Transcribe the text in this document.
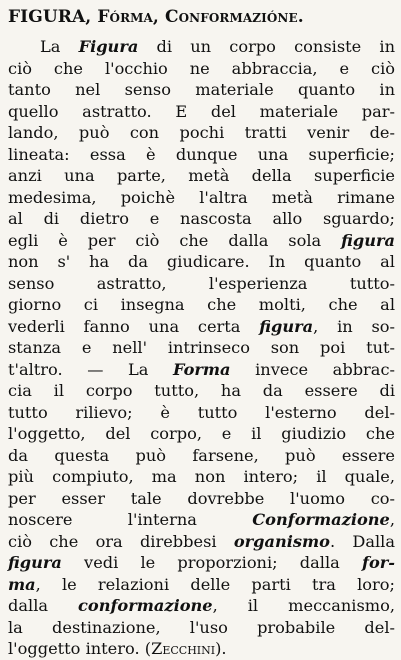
FIGURA, Fórma, Conformazióne.
La Figura di un corpo consiste in
ciò che l'occhio ne abbraccia, e ciò
tanto nel senso materiale quanto in
quello astratto. E del materiale par-
lando, può con pochi tratti venir de-
lineata: essa è dunque una superficie;
anzi una parte, metà della superficie
medesima, poichè l'altra metà rimane
al di dietro e nascosta allo sguardo;
egli è per ciò che dalla sola figura
non s' ha da giudicare. In quanto al
senso astratto, l'esperienza tutto-
giorno ci insegna che molti, che al
vederli fanno una certa figura, in so-
stanza e nell' intrinseco son poi tut-
t'altro. — La Forma invece abbrac-
cia il corpo tutto, ha da essere di
tutto rilievo; è tutto l'esterno del-
l'oggetto, del corpo, e il giudizio che
da questa può farsene, può essere
più compiuto, ma non intero; il quale,
per esser tale dovrebbe l'uomo co-
noscere l'interna Conformazione,
ciò che ora direbbesi organismo. Dalla
figura vedi le proporzioni; dalla for-
ma, le relazioni delle parti tra loro;
dalla conformazione, il meccanismo,
la destinazione, l'uso probabile del-
l'oggetto intero. (Zecchini).
